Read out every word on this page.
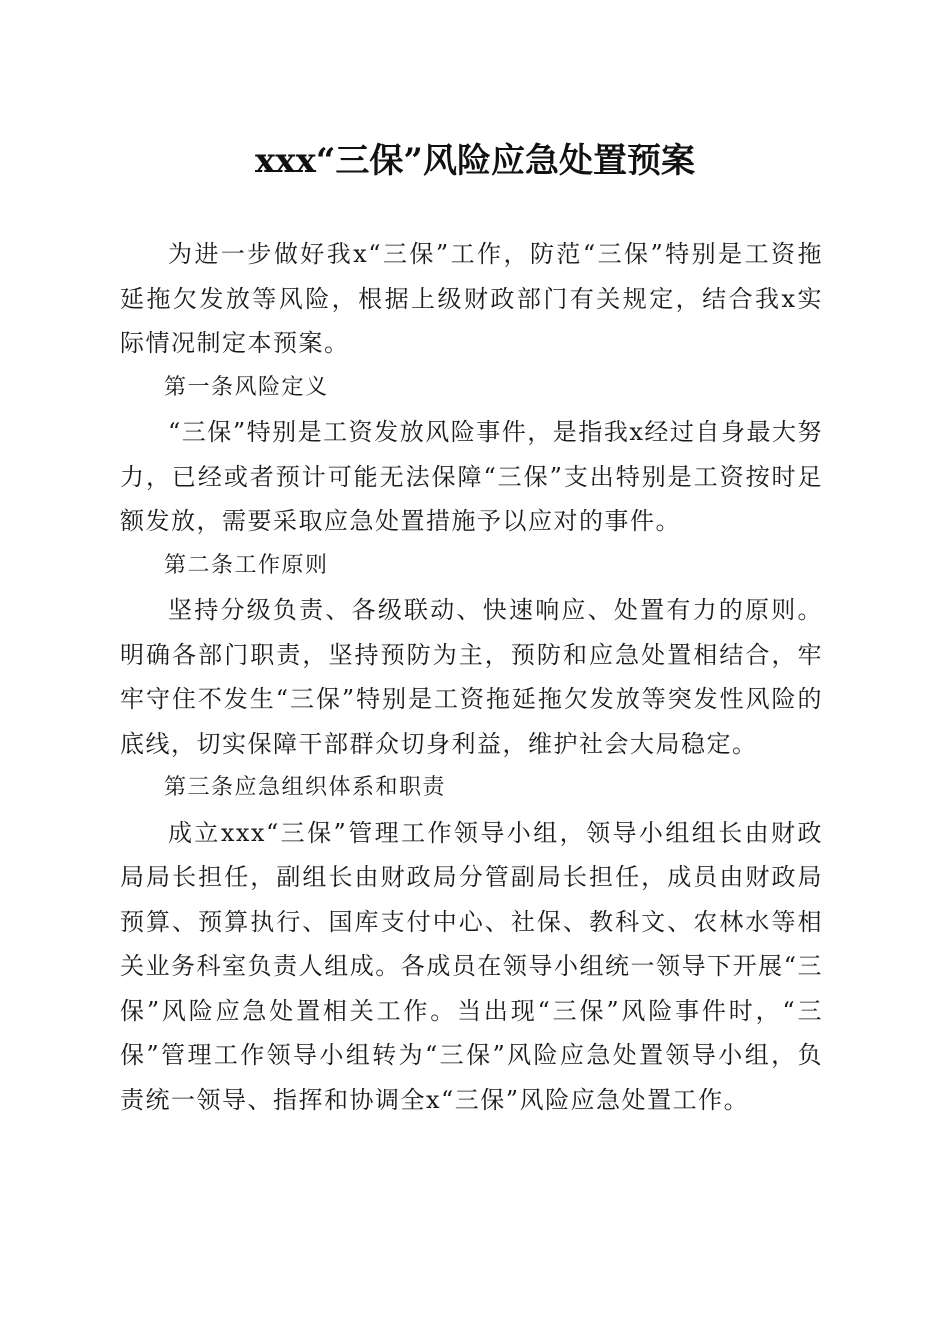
xxx“三保”风险应急处置预案

为进一步做好我x“三保”工作，防范“三保”特别是工资拖延拖欠发放等风险，根据上级财政部门有关规定，结合我x实际情况制定本预案。

第一条风险定义

“三保”特别是工资发放风险事件，是指我x经过自身最大努力，已经或者预计可能无法保障“三保”支出特别是工资按时足额发放，需要采取应急处置措施予以应对的事件。

第二条工作原则

坚持分级负责、各级联动、快速响应、处置有力的原则。明确各部门职责，坚持预防为主，预防和应急处置相结合，牢牢守住不发生“三保”特别是工资拖延拖欠发放等突发性风险的底线，切实保障干部群众切身利益，维护社会大局稳定。

第三条应急组织体系和职责

成立xxx“三保”管理工作领导小组，领导小组组长由财政局局长担任，副组长由财政局分管副局长担任，成员由财政局预算、预算执行、国库支付中心、社保、教科文、农林水等相关业务科室负责人组成。各成员在领导小组统一领导下开展“三保”风险应急处置相关工作。当出现“三保”风险事件时，“三保”管理工作领导小组转为“三保”风险应急处置领导小组，负责统一领导、指挥和协调全x“三保”风险应急处置工作。
